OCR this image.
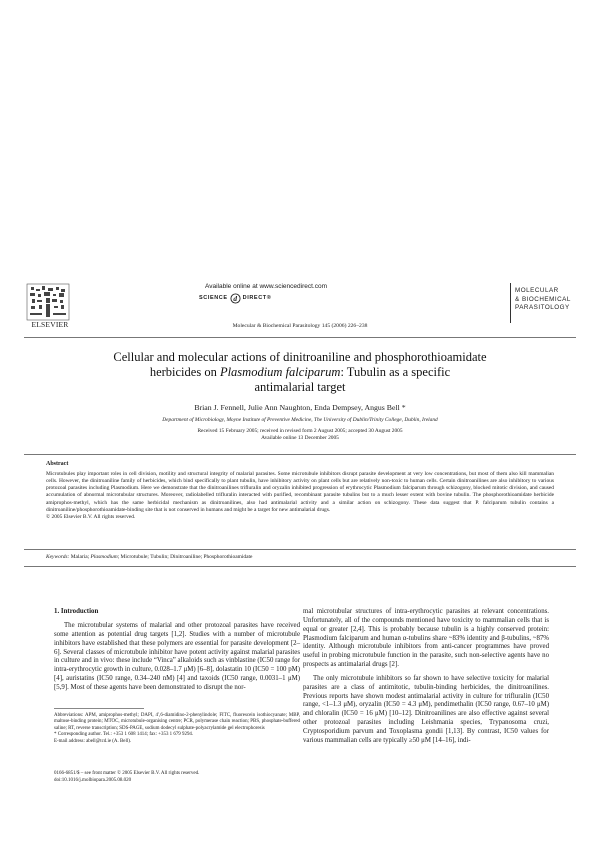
ELSEVIER
Available online at www.sciencedirect.com
SCIENCE d DIRECT®
Molecular & Biochemical Parasitology 145 (2006) 226–238
MOLECULAR
& BIOCHEMICAL
PARASITOLOGY
Cellular and molecular actions of dinitroaniline and phosphorothioamidate
herbicides on Plasmodium falciparum: Tubulin as a specific
antimalarial target
Brian J. Fennell, Julie Ann Naughton, Enda Dempsey, Angus Bell *
Department of Microbiology, Moyne Institute of Preventive Medicine, The University of Dublin/Trinity College, Dublin, Ireland
Received 15 February 2005; received in revised form 2 August 2005; accepted 30 August 2005
Available online 13 December 2005
Abstract
Microtubules play important roles in cell division, motility and structural integrity of malarial parasites. Some microtubule inhibitors disrupt parasite development at very low concentrations, but most of them also kill mammalian cells. However, the dinitroaniline family of herbicides, which bind specifically to plant tubulin, have inhibitory activity on plant cells but are relatively non-toxic to human cells. Certain dinitroanilines are also inhibitory to various protozoal parasites including Plasmodium. Here we demonstrate that the dinitroanilines trifluralin and oryzalin inhibited progression of erythrocytic Plasmodium falciparum through schizogony, blocked mitotic division, and caused accumulation of abnormal microtubular structures. Moreover, radiolabelled trifluralin interacted with purified, recombinant parasite tubulins but to a much lesser extent with bovine tubulin. The phosphorothioamidate herbicide amiprophos-methyl, which has the same herbicidal mechanism as dinitroanilines, also had antimalarial activity and a similar action on schizogony. These data suggest that P. falciparum tubulin contains a dinitroaniline/phosphorothioamidate-binding site that is not conserved in humans and might be a target for new antimalarial drugs.
© 2005 Elsevier B.V. All rights reserved.
Keywords: Malaria; Plasmodium; Microtubule; Tubulin; Dinitroaniline; Phosphorothioamidate
1. Introduction

The microtubular systems of malarial and other protozoal parasites have received some attention as potential drug targets [1,2]. Studies with a number of microtubule inhibitors have established that these polymers are essential for parasite development [2–6]. Several classes of microtubule inhibitor have potent activity against malarial parasites in culture and in vivo: these include “Vinca” alkaloids such as vinblastine (IC50 range for intra-erythrocytic growth in culture, 0.028–1.7 μM) [6–8], dolastatin 10 (IC50 = 100 pM) [4], auristatins (IC50 range, 0.34–240 nM) [4] and taxoids (IC50 range, 0.0031–1 μM) [5,9]. Most of these agents have been demonstrated to disrupt the nor-

mal microtubular structures of intra-erythrocytic parasites at relevant concentrations. Unfortunately, all of the compounds mentioned have toxicity to mammalian cells that is equal or greater [2,4]. This is probably because tubulin is a highly conserved protein: Plasmodium falciparum and human α-tubulins share ~83% identity and β-tubulins, ~87% identity. Although microtubule inhibitors from anti-cancer programmes have proved useful in probing microtubule function in the parasite, such non-selective agents have no prospects as antimalarial drugs [2].

The only microtubule inhibitors so far shown to have selective toxicity for malarial parasites are a class of antimitotic, tubulin-binding herbicides, the dinitroanilines. Previous reports have shown modest antimalarial activity in culture for trifluralin (IC50 range, <1–1.3 μM), oryzalin (IC50 = 4.3 μM), pendimethalin (IC50 range, 0.67–10 μM) and chloralin (IC50 = 16 μM) [10–12]. Dinitroanilines are also effective against several other protozoal parasites including Leishmania species, Trypanosoma cruzi, Cryptosporidium parvum and Toxoplasma gondii [1,13]. By contrast, IC50 values for various mammalian cells are typically ≥50 μM [14–16], indi-

Abbreviations: APM, amiprophos-methyl; DAPI, 4′,6-diamidino-2-phenylindole; FITC, fluorescein isothiocyanate; MBP, maltose-binding protein; MTOC, microtubule-organising centre; PCR, polymerase chain reaction; PBS, phosphate-buffered saline; RT, reverse transcription; SDS-PAGE, sodium dodecyl sulphate-polyacrylamide gel electrophoresis
* Corresponding author. Tel.: +353 1 608 1414; fax: +353 1 679 9294.
E-mail address: abell@tcd.ie (A. Bell).
0166-6851/$ – see front matter © 2005 Elsevier B.V. All rights reserved.
doi:10.1016/j.molbiopara.2005.08.020
